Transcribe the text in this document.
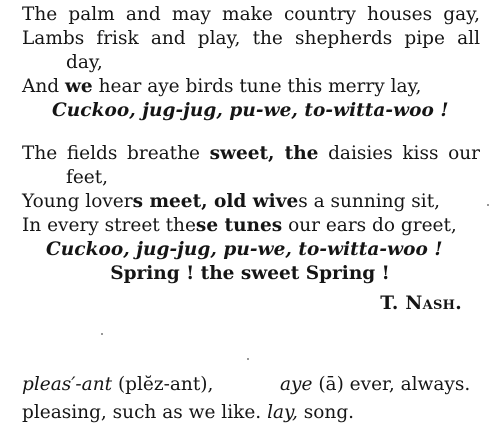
The palm and may make country houses gay,
Lambs frisk and play, the shepherds pipe all
day,
And we hear aye birds tune this merry lay,
Cuckoo, jug-jug, pu-we, to-witta-woo !
The fields breathe sweet, the daisies kiss our
feet,
Young lovers meet, old wives a sunning sit,
In every street these tunes our ears do greet,
Cuckoo, jug-jug, pu-we, to-witta-woo !
Spring ! the sweet Spring !
T. Nash.
pleas′-ant (plĕz-ant),	aye (ā) ever, always.
pleasing, such as we like. lay, song.
